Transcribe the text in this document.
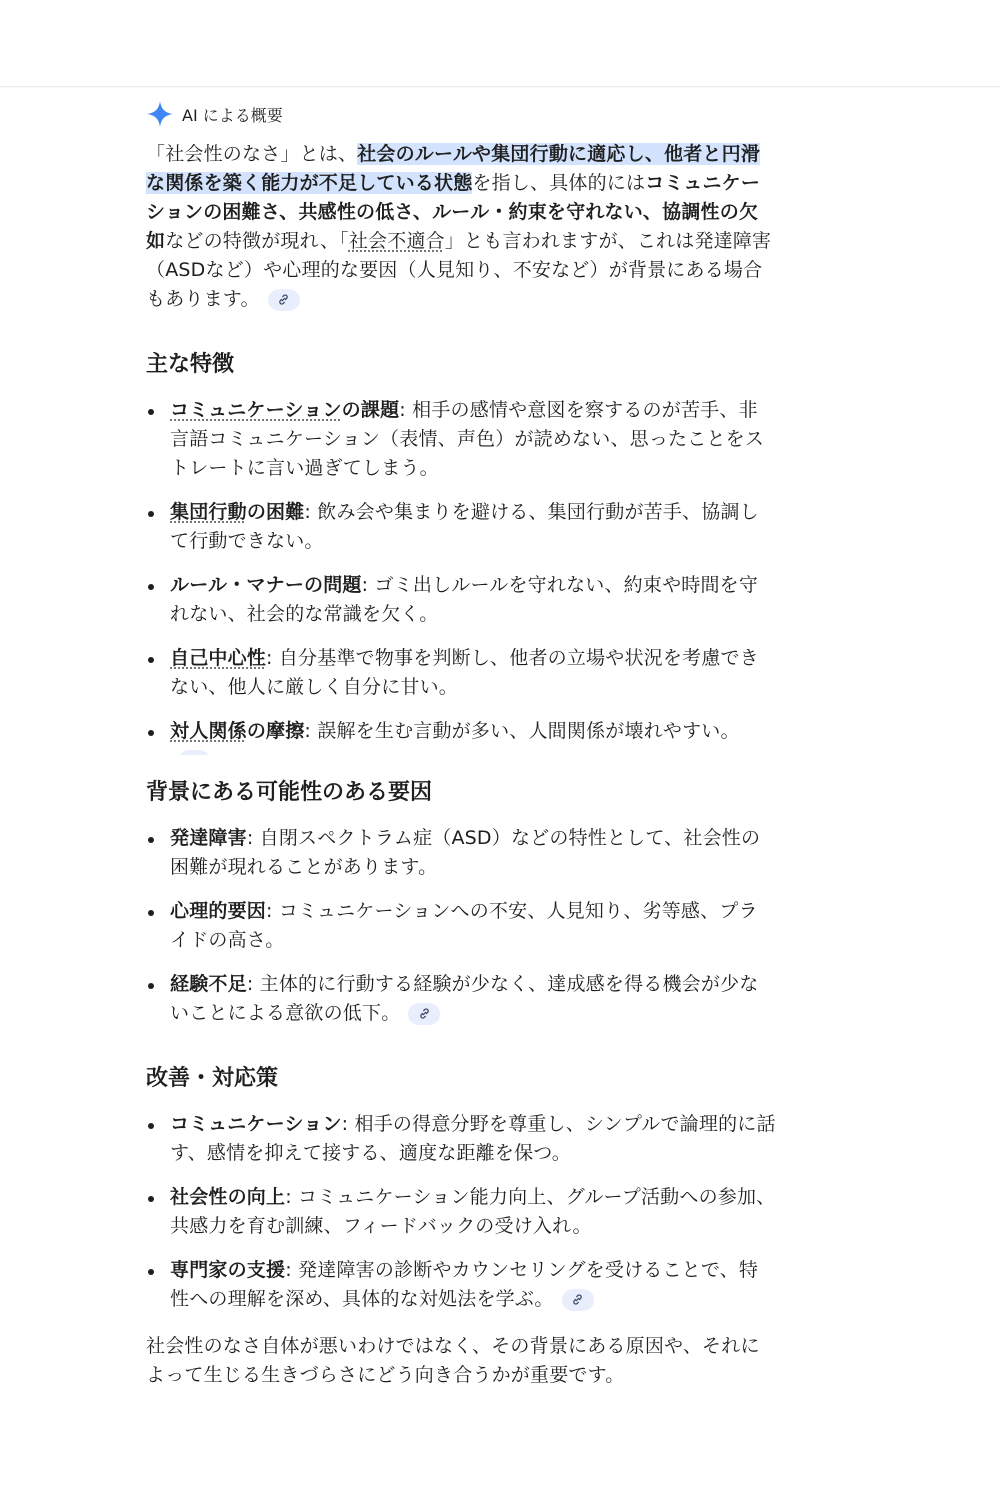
AI による概要

「社会性のなさ」とは、社会のルールや集団行動に適応し、他者と円滑な関係を築く能力が不足している状態を指し、具体的にはコミュニケーションの困難さ、共感性の低さ、ルール・約束を守れない、協調性の欠如などの特徴が現れ、「社会不適合」とも言われますが、これは発達障害（ASDなど）や心理的な要因（人見知り、不安など）が背景にある場合もあります。

主な特徴
コミュニケーションの課題: 相手の感情や意図を察するのが苦手、非言語コミュニケーション（表情、声色）が読めない、思ったことをストレートに言い過ぎてしまう。
集団行動の困難: 飲み会や集まりを避ける、集団行動が苦手、協調して行動できない。
ルール・マナーの問題: ゴミ出しルールを守れない、約束や時間を守れない、社会的な常識を欠く。
自己中心性: 自分基準で物事を判断し、他者の立場や状況を考慮できない、他人に厳しく自分に甘い。
対人関係の摩擦: 誤解を生む言動が多い、人間関係が壊れやすい。
背景にある可能性のある要因
発達障害: 自閉スペクトラム症（ASD）などの特性として、社会性の困難が現れることがあります。
心理的要因: コミュニケーションへの不安、人見知り、劣等感、プライドの高さ。
経験不足: 主体的に行動する経験が少なく、達成感を得る機会が少ないことによる意欲の低下。
改善・対応策
コミュニケーション: 相手の得意分野を尊重し、シンプルで論理的に話す、感情を抑えて接する、適度な距離を保つ。
社会性の向上: コミュニケーション能力向上、グループ活動への参加、共感力を育む訓練、フィードバックの受け入れ。
専門家の支援: 発達障害の診断やカウンセリングを受けることで、特性への理解を深め、具体的な対処法を学ぶ。

社会性のなさ自体が悪いわけではなく、その背景にある原因や、それによって生じる生きづらさにどう向き合うかが重要です。
